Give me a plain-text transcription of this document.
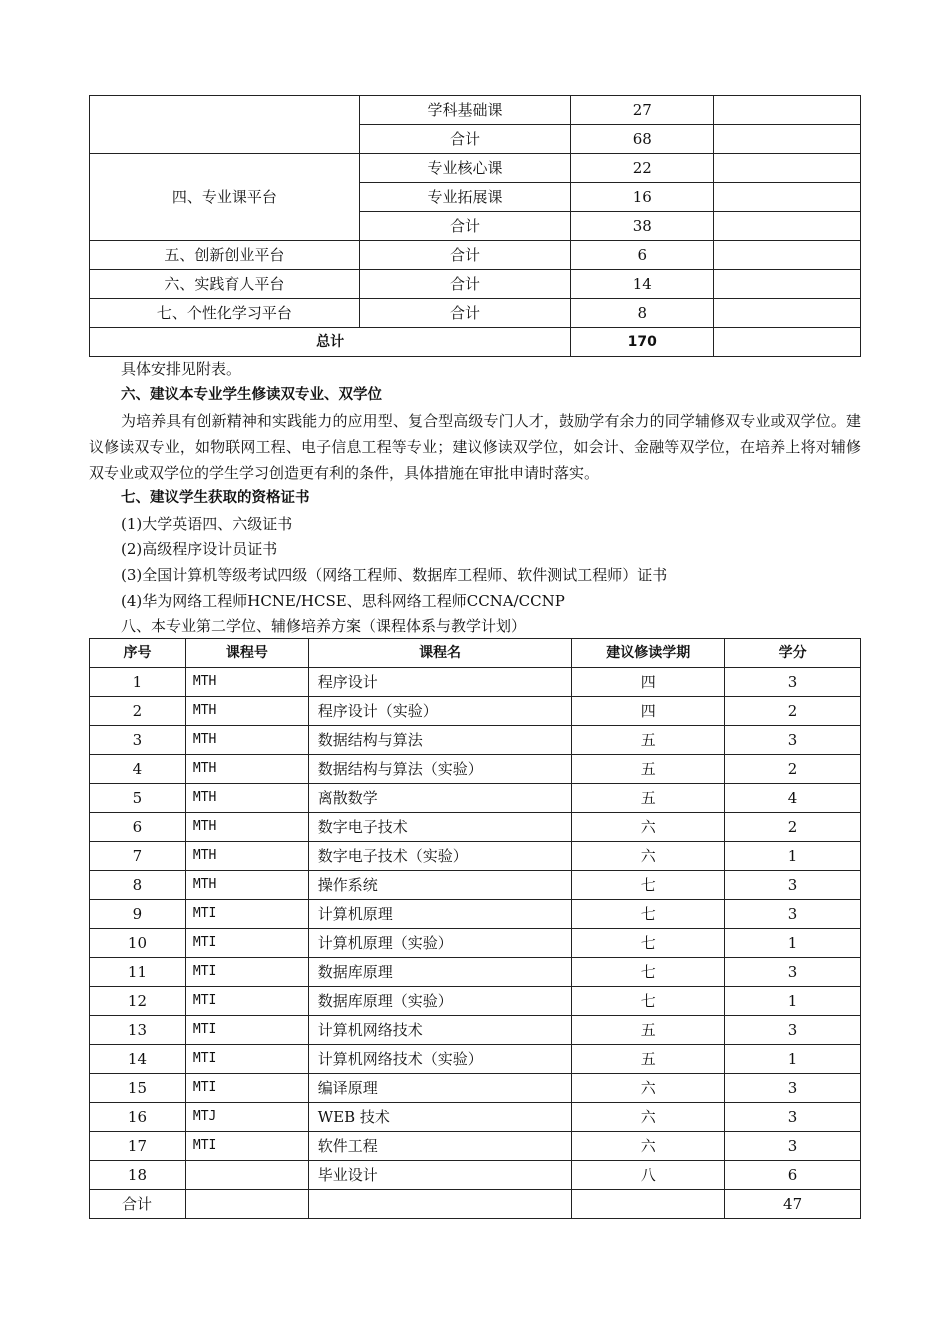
	学科基础课	27	
	合计	68	
四、专业课平台	专业核心课	22	
	专业拓展课	16	
	合计	38	
五、创新创业平台	合计	6	
六、实践育人平台	合计	14	
七、个性化学习平台	合计	8	
总计		170	
具体安排见附表。
六、建议本专业学生修读双专业、双学位

为培养具有创新精神和实践能力的应用型、复合型高级专门人才，鼓励学有余力的同学辅修双专业或双学位。建议修读双专业，如物联网工程、电子信息工程等专业；建议修读双学位，如会计、金融等双学位，在培养上将对辅修双专业或双学位的学生学习创造更有利的条件，具体措施在审批申请时落实。

七、建议学生获取的资格证书
(1)大学英语四、六级证书
(2)高级程序设计员证书
(3)全国计算机等级考试四级（网络工程师、数据库工程师、软件测试工程师）证书
(4)华为网络工程师HCNE/HCSE、思科网络工程师CCNA/CCNP
八、本专业第二学位、辅修培养方案（课程体系与教学计划）
序号	课程号	课程名	建议修读学期	学分
1	MTH	程序设计	四	3
2	MTH	程序设计（实验）	四	2
3	MTH	数据结构与算法	五	3
4	MTH	数据结构与算法（实验）	五	2
5	MTH	离散数学	五	4
6	MTH	数字电子技术	六	2
7	MTH	数字电子技术（实验）	六	1
8	MTH	操作系统	七	3
9	MTI	计算机原理	七	3
10	MTI	计算机原理（实验）	七	1
11	MTI	数据库原理	七	3
12	MTI	数据库原理（实验）	七	1
13	MTI	计算机网络技术	五	3
14	MTI	计算机网络技术（实验）	五	1
15	MTI	编译原理	六	3
16	MTJ	WEB 技术	六	3
17	MTI	软件工程	六	3
18		毕业设计	八	6
合计				47
